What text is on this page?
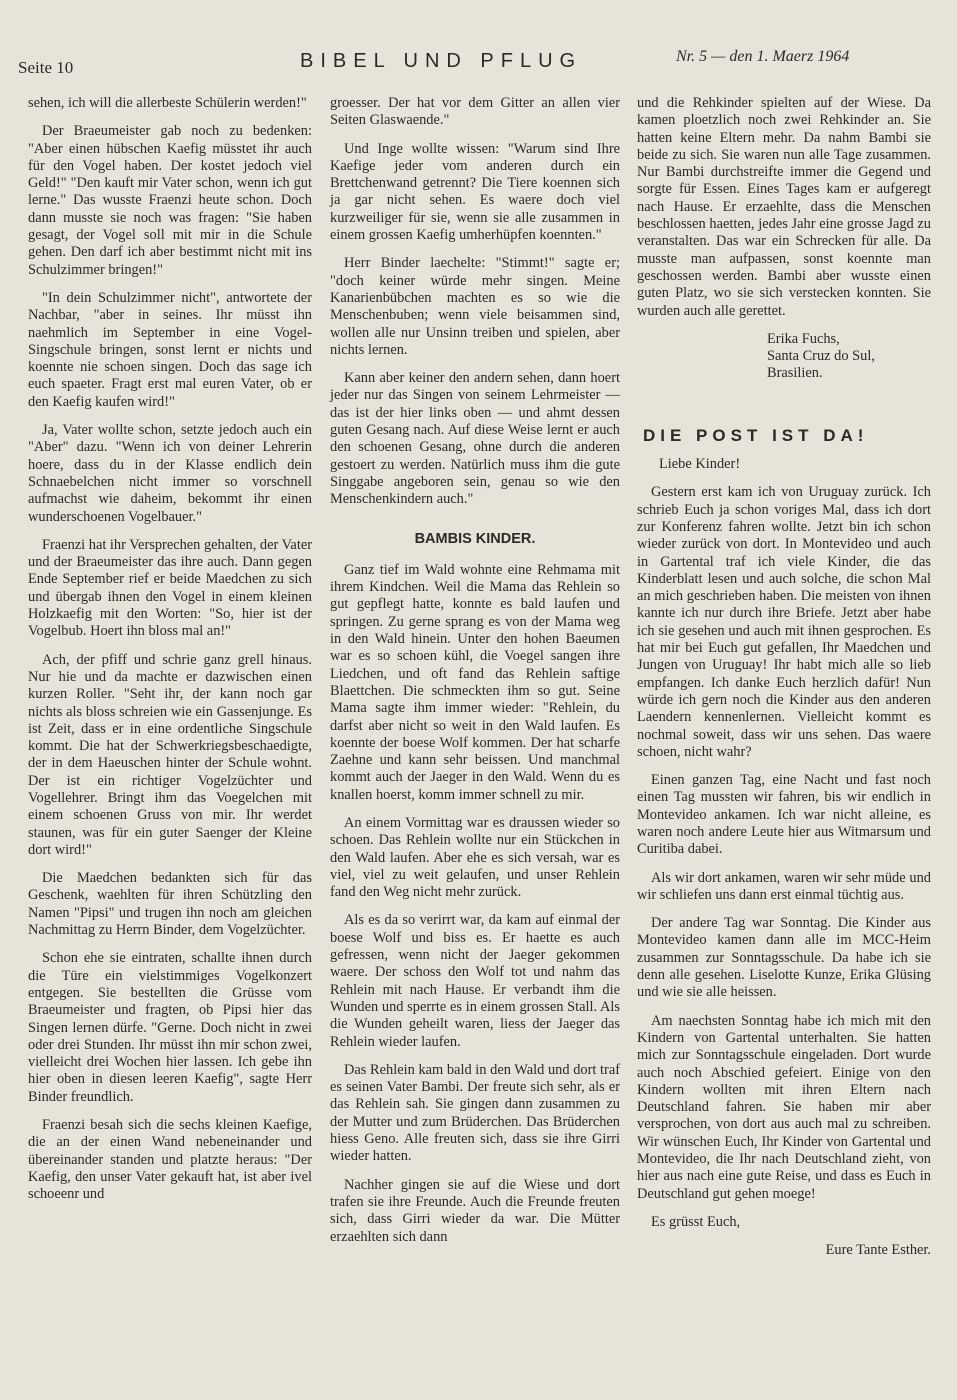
Seite 10	BIBEL UND PFLUG	Nr. 5 — den 1. Maerz 1964

sehen, ich will die allerbeste Schülerin werden!"

Der Braeumeister gab noch zu bedenken: "Aber einen hübschen Kaefig müsstet ihr auch für den Vogel haben. Der kostet jedoch viel Geld!" "Den kauft mir Vater schon, wenn ich gut lerne." Das wusste Fraenzi heute schon. Doch dann musste sie noch was fragen: "Sie haben gesagt, der Vogel soll mit mir in die Schule gehen. Den darf ich aber bestimmt nicht mit ins Schulzimmer bringen!"

"In dein Schulzimmer nicht", antwortete der Nachbar, "aber in seines. Ihr müsst ihn naehmlich im September in eine Vogel-Singschule bringen, sonst lernt er nichts und koennte nie schoen singen. Doch das sage ich euch spaeter. Fragt erst mal euren Vater, ob er den Kaefig kaufen wird!"

Ja, Vater wollte schon, setzte jedoch auch ein "Aber" dazu. "Wenn ich von deiner Lehrerin hoere, dass du in der Klasse endlich dein Schnaebelchen nicht immer so vorschnell aufmachst wie daheim, bekommt ihr einen wunderschoenen Vogelbauer."

Fraenzi hat ihr Versprechen gehalten, der Vater und der Braeumeister das ihre auch. Dann gegen Ende September rief er beide Maedchen zu sich und übergab ihnen den Vogel in einem kleinen Holzkaefig mit den Worten: "So, hier ist der Vogelbub. Hoert ihn bloss mal an!"

Ach, der pfiff und schrie ganz grell hinaus. Nur hie und da machte er dazwischen einen kurzen Roller. "Seht ihr, der kann noch gar nichts als bloss schreien wie ein Gassenjunge. Es ist Zeit, dass er in eine ordentliche Singschule kommt. Die hat der Schwerkriegsbeschaedigte, der in dem Haeuschen hinter der Schule wohnt. Der ist ein richtiger Vogelzüchter und Vogellehrer. Bringt ihm das Voegelchen mit einem schoenen Gruss von mir. Ihr werdet staunen, was für ein guter Saenger der Kleine dort wird!"

Die Maedchen bedankten sich für das Geschenk, waehlten für ihren Schützling den Namen "Pipsi" und trugen ihn noch am gleichen Nachmittag zu Herrn Binder, dem Vogelzüchter.

Schon ehe sie eintraten, schallte ihnen durch die Türe ein vielstimmiges Vogelkonzert entgegen. Sie bestellten die Grüsse vom Braeumeister und fragten, ob Pipsi hier das Singen lernen dürfe. "Gerne. Doch nicht in zwei oder drei Stunden. Ihr müsst ihn mir schon zwei, vielleicht drei Wochen hier lassen. Ich gebe ihn hier oben in diesen leeren Kaefig", sagte Herr Binder freundlich.

Fraenzi besah sich die sechs kleinen Kaefige, die an der einen Wand nebeneinander und übereinander standen und platzte heraus: "Der Kaefig, den unser Vater gekauft hat, ist aber ivel schoeenr und

groesser. Der hat vor dem Gitter an allen vier Seiten Glaswaende."

Und Inge wollte wissen: "Warum sind Ihre Kaefige jeder vom anderen durch ein Brettchenwand getrennt? Die Tiere koennen sich ja gar nicht sehen. Es waere doch viel kurzweiliger für sie, wenn sie alle zusammen in einem grossen Kaefig umherhüpfen koennten."

Herr Binder laechelte: "Stimmt!" sagte er; "doch keiner würde mehr singen. Meine Kanarienbübchen machten es so wie die Menschenbuben; wenn viele beisammen sind, wollen alle nur Unsinn treiben und spielen, aber nichts lernen.

Kann aber keiner den andern sehen, dann hoert jeder nur das Singen von seinem Lehrmeister — das ist der hier links oben — und ahmt dessen guten Gesang nach. Auf diese Weise lernt er auch den schoenen Gesang, ohne durch die anderen gestoert zu werden. Natürlich muss ihm die gute Singgabe angeboren sein, genau so wie den Menschenkindern auch."

BAMBIS KINDER.

Ganz tief im Wald wohnte eine Rehmama mit ihrem Kindchen. Weil die Mama das Rehlein so gut gepflegt hatte, konnte es bald laufen und springen. Zu gerne sprang es von der Mama weg in den Wald hinein. Unter den hohen Baeumen war es so schoen kühl, die Voegel sangen ihre Liedchen, und oft fand das Rehlein saftige Blaettchen. Die schmeckten ihm so gut. Seine Mama sagte ihm immer wieder: "Rehlein, du darfst aber nicht so weit in den Wald laufen. Es koennte der boese Wolf kommen. Der hat scharfe Zaehne und kann sehr beissen. Und manchmal kommt auch der Jaeger in den Wald. Wenn du es knallen hoerst, komm immer schnell zu mir.

An einem Vormittag war es draussen wieder so schoen. Das Rehlein wollte nur ein Stückchen in den Wald laufen. Aber ehe es sich versah, war es viel, viel zu weit gelaufen, und unser Rehlein fand den Weg nicht mehr zurück.

Als es da so verirrt war, da kam auf einmal der boese Wolf und biss es. Er haette es auch gefressen, wenn nicht der Jaeger gekommen waere. Der schoss den Wolf tot und nahm das Rehlein mit nach Hause. Er verbandt ihm die Wunden und sperrte es in einem grossen Stall. Als die Wunden geheilt waren, liess der Jaeger das Rehlein wieder laufen.

Das Rehlein kam bald in den Wald und dort traf es seinen Vater Bambi. Der freute sich sehr, als er das Rehlein sah. Sie gingen dann zusammen zu der Mutter und zum Brüderchen. Das Brüderchen hiess Geno. Alle freuten sich, dass sie ihre Girri wieder hatten.

Nachher gingen sie auf die Wiese und dort trafen sie ihre Freunde. Auch die Freunde freuten sich, dass Girri wieder da war. Die Mütter erzaehlten sich dann

und die Rehkinder spielten auf der Wiese. Da kamen ploetzlich noch zwei Rehkinder an. Sie hatten keine Eltern mehr. Da nahm Bambi sie beide zu sich. Sie waren nun alle Tage zusammen. Nur Bambi durchstreifte immer die Gegend und sorgte für Essen. Eines Tages kam er aufgeregt nach Hause. Er erzaehlte, dass die Menschen beschlossen haetten, jedes Jahr eine grosse Jagd zu veranstalten. Das war ein Schrecken für alle. Da musste man aufpassen, sonst koennte man geschossen werden. Bambi aber wusste einen guten Platz, wo sie sich verstecken konnten. Sie wurden auch alle gerettet.

Erika Fuchs,
Santa Cruz do Sul,
Brasilien.
DIE POST IST DA!

Liebe Kinder!

Gestern erst kam ich von Uruguay zurück. Ich schrieb Euch ja schon voriges Mal, dass ich dort zur Konferenz fahren wollte. Jetzt bin ich schon wieder zurück von dort. In Montevideo und auch in Gartental traf ich viele Kinder, die das Kinderblatt lesen und auch solche, die schon Mal an mich geschrieben haben. Die meisten von ihnen kannte ich nur durch ihre Briefe. Jetzt aber habe ich sie gesehen und auch mit ihnen gesprochen. Es hat mir bei Euch gut gefallen, Ihr Maedchen und Jungen von Uruguay! Ihr habt mich alle so lieb empfangen. Ich danke Euch herzlich dafür! Nun würde ich gern noch die Kinder aus den anderen Laendern kennenlernen. Vielleicht kommt es nochmal soweit, dass wir uns sehen. Das waere schoen, nicht wahr?

Einen ganzen Tag, eine Nacht und fast noch einen Tag mussten wir fahren, bis wir endlich in Montevideo ankamen. Ich war nicht alleine, es waren noch andere Leute hier aus Witmarsum und Curitiba dabei.

Als wir dort ankamen, waren wir sehr müde und wir schliefen uns dann erst einmal tüchtig aus.

Der andere Tag war Sonntag. Die Kinder aus Montevideo kamen dann alle im MCC-Heim zusammen zur Sonntagsschule. Da habe ich sie denn alle gesehen. Liselotte Kunze, Erika Glüsing und wie sie alle heissen.

Am naechsten Sonntag habe ich mich mit den Kindern von Gartental unterhalten. Sie hatten mich zur Sonntagsschule eingeladen. Dort wurde auch noch Abschied gefeiert. Einige von den Kindern wollten mit ihren Eltern nach Deutschland fahren. Sie haben mir aber versprochen, von dort aus auch mal zu schreiben. Wir wünschen Euch, Ihr Kinder von Gartental und Montevideo, die Ihr nach Deutschland zieht, von hier aus nach eine gute Reise, und dass es Euch in Deutschland gut gehen moege!

Es grüsst Euch,

Eure Tante Esther.
